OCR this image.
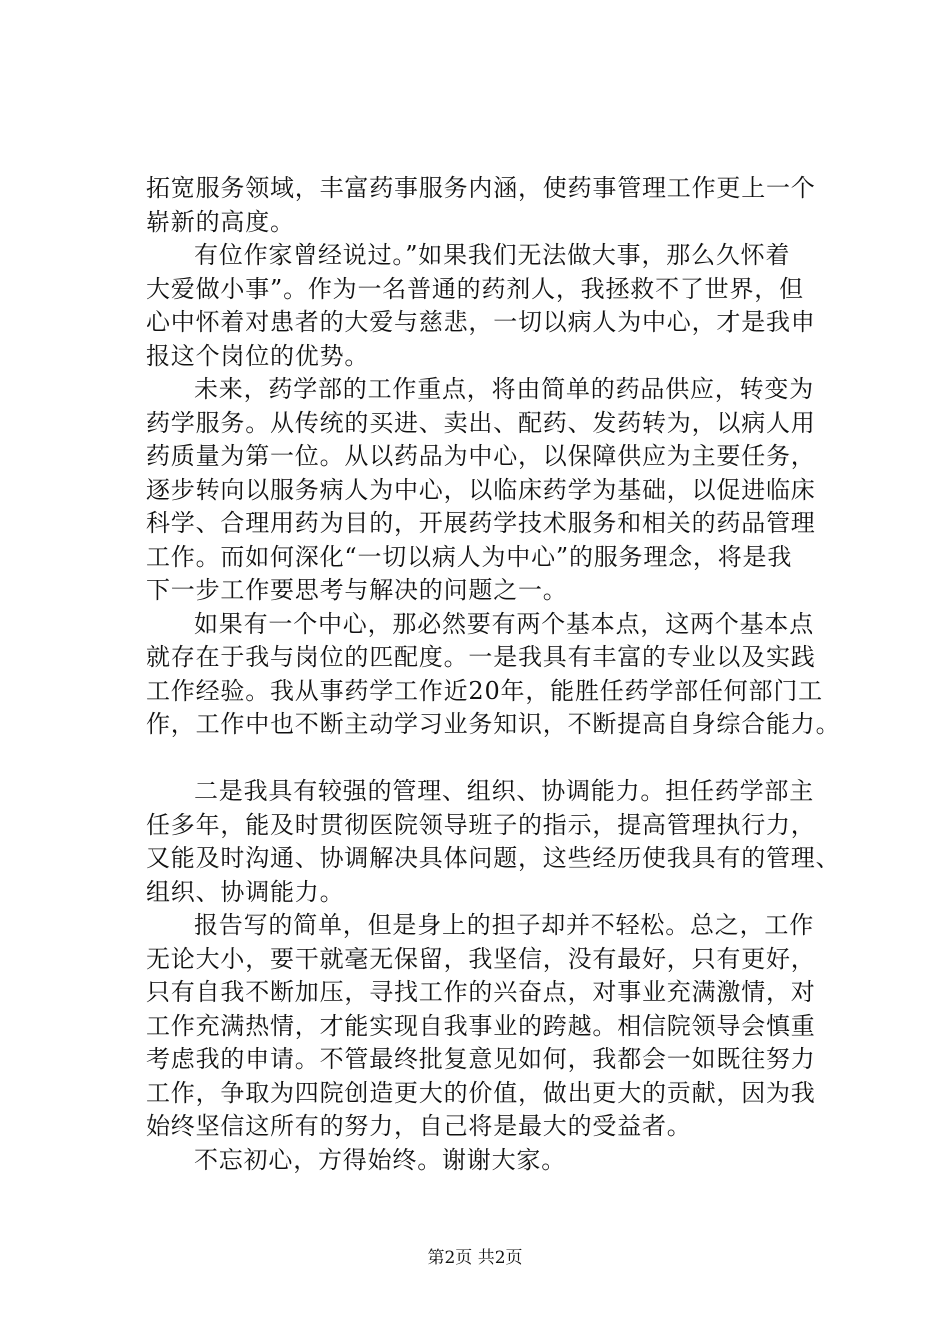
拓宽服务领域，丰富药事服务内涵，使药事管理工作更上一个
崭新的高度。
有位作家曾经说过。”如果我们无法做大事，那么久怀着
大爱做小事”。作为一名普通的药剂人，我拯救不了世界，但
心中怀着对患者的大爱与慈悲，一切以病人为中心，才是我申
报这个岗位的优势。
未来，药学部的工作重点，将由简单的药品供应，转变为
药学服务。从传统的买进、卖出、配药、发药转为，以病人用
药质量为第一位。从以药品为中心，以保障供应为主要任务，
逐步转向以服务病人为中心，以临床药学为基础，以促进临床
科学、合理用药为目的，开展药学技术服务和相关的药品管理
工作。而如何深化“一切以病人为中心”的服务理念，将是我
下一步工作要思考与解决的问题之一。
如果有一个中心，那必然要有两个基本点，这两个基本点
就存在于我与岗位的匹配度。一是我具有丰富的专业以及实践
工作经验。我从事药学工作近20年，能胜任药学部任何部门工
作，工作中也不断主动学习业务知识，不断提高自身综合能力。
二是我具有较强的管理、组织、协调能力。担任药学部主
任多年，能及时贯彻医院领导班子的指示，提高管理执行力，
又能及时沟通、协调解决具体问题，这些经历使我具有的管理、
组织、协调能力。
报告写的简单，但是身上的担子却并不轻松。总之，工作
无论大小，要干就毫无保留，我坚信，没有最好，只有更好，
只有自我不断加压，寻找工作的兴奋点，对事业充满激情，对
工作充满热情，才能实现自我事业的跨越。相信院领导会慎重
考虑我的申请。不管最终批复意见如何，我都会一如既往努力
工作，争取为四院创造更大的价值，做出更大的贡献，因为我
始终坚信这所有的努力，自己将是最大的受益者。
不忘初心，方得始终。谢谢大家。
第2页 共2页
